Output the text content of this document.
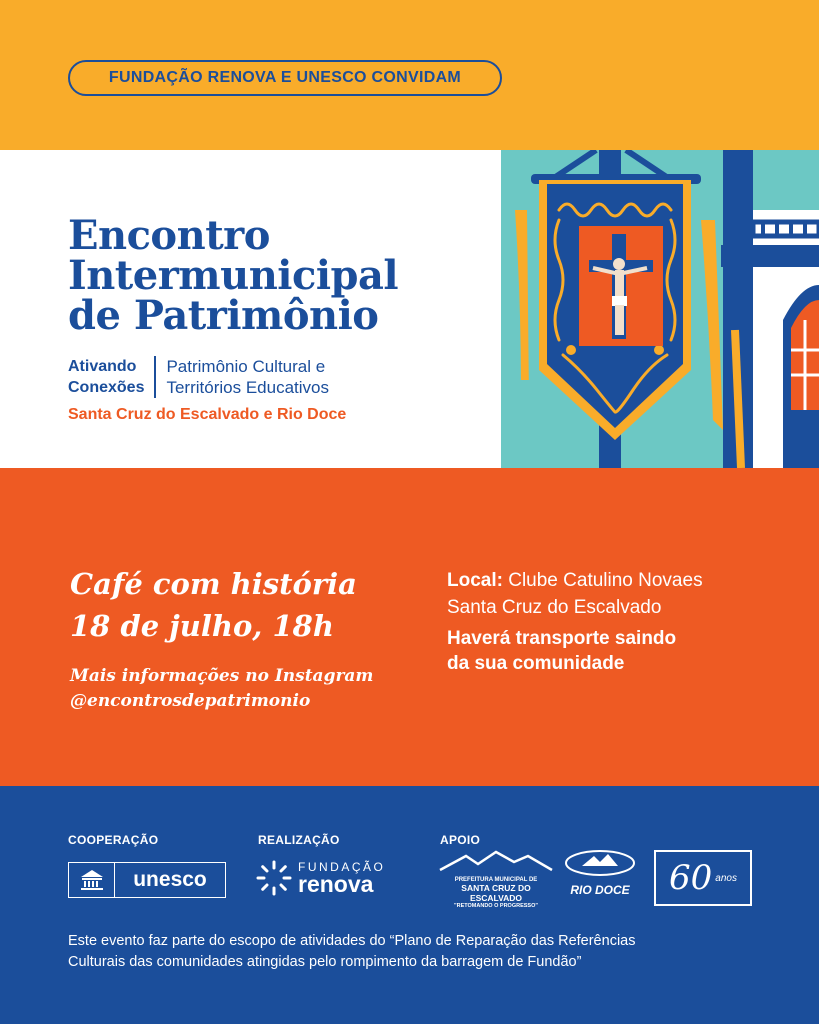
FUNDAÇÃO RENOVA E UNESCO CONVIDAM
Encontro
Intermunicipal
de Patrimônio
Ativando
Conexões
Patrimônio Cultural e
Territórios Educativos
Santa Cruz do Escalvado e Rio Doce
Café com história
18 de julho, 18h
Mais informações no Instagram
@encontrosdepatrimonio
Local: Clube Catulino Novaes
Santa Cruz do Escalvado
Haverá transporte saindo
da sua comunidade
COOPERAÇÃO	REALIZAÇÃO	APOIO
unesco
FUNDAÇÃO
renova	PREFEITURA MUNICIPAL DE
SANTA CRUZ DO ESCALVADO
"RETOMANDO O PROGRESSO"
RIO DOCE 60 anos
Este evento faz parte do escopo de atividades do “Plano de Reparação das Referências
Culturais das comunidades atingidas pelo rompimento da barragem de Fundão”
